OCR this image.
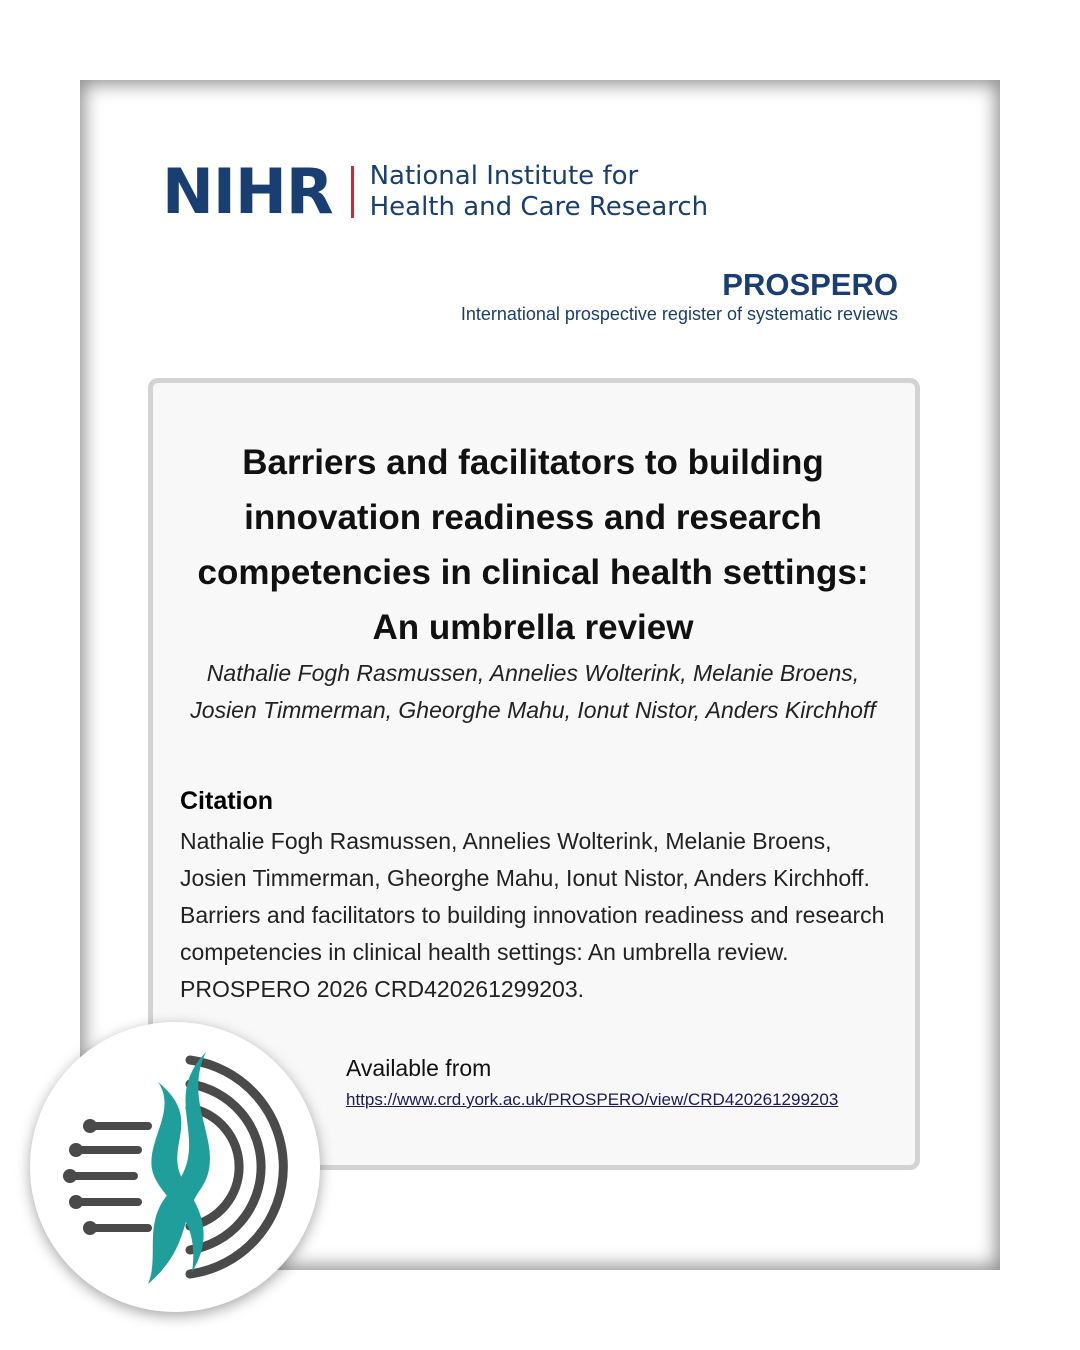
NIHR National Institute for
Health and Care Research
PROSPERO
International prospective register of systematic reviews
Barriers and facilitators to building innovation readiness and research competencies in clinical health settings: An umbrella review
Nathalie Fogh Rasmussen, Annelies Wolterink, Melanie Broens, Josien Timmerman, Gheorghe Mahu, Ionut Nistor, Anders Kirchhoff
Citation
Nathalie Fogh Rasmussen, Annelies Wolterink, Melanie Broens, Josien Timmerman, Gheorghe Mahu, Ionut Nistor, Anders Kirchhoff. Barriers and facilitators to building innovation readiness and research competencies in clinical health settings: An umbrella review. PROSPERO 2026 CRD420261299203.
Available from
https://www.crd.york.ac.uk/PROSPERO/view/CRD420261299203
